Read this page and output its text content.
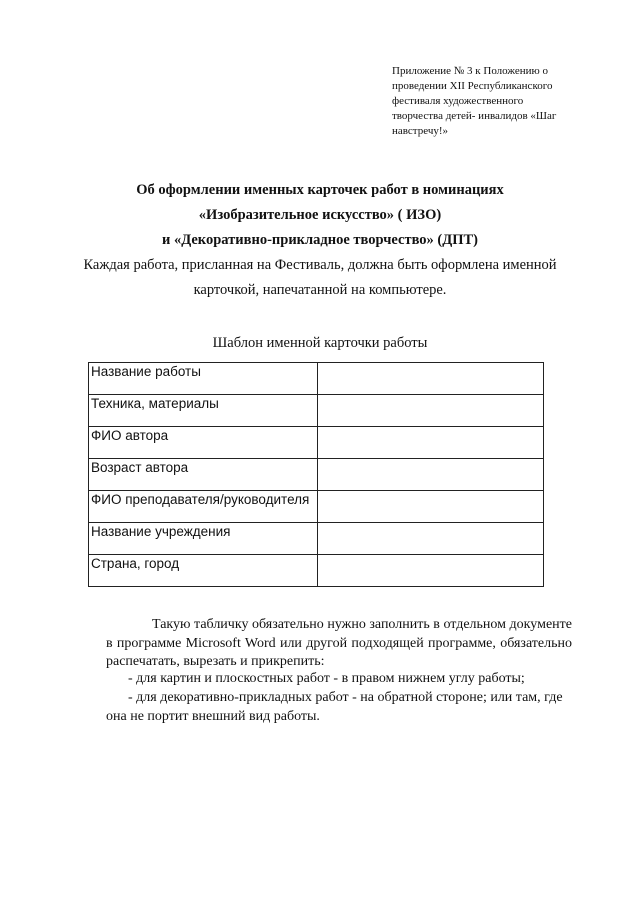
Приложение № 3 к Положению о
проведении XII Республиканского
фестиваля художественного
творчества детей- инвалидов «Шаг
навстречу!»
Об оформлении именных карточек работ в номинациях
«Изобразительное искусство» ( ИЗО)
и «Декоративно-прикладное творчество» (ДПТ)
Каждая работа, присланная на Фестиваль, должна быть оформлена именной
карточкой, напечатанной на компьютере.
Шаблон именной карточки работы
Название работы	
Техника, материалы	
ФИО автора	
Возраст автора	
ФИО преподавателя/руководителя	
Название учреждения	
Страна, город	

Такую табличку обязательно нужно заполнить в отдельном документе в программе Microsoft Word или другой подходящей программе, обязательно распечатать, вырезать и прикрепить:

- для картин и плоскостных работ - в правом нижнем углу работы;
- для декоративно-прикладных работ - на обратной стороне; или там, где
она не портит внешний вид работы.
